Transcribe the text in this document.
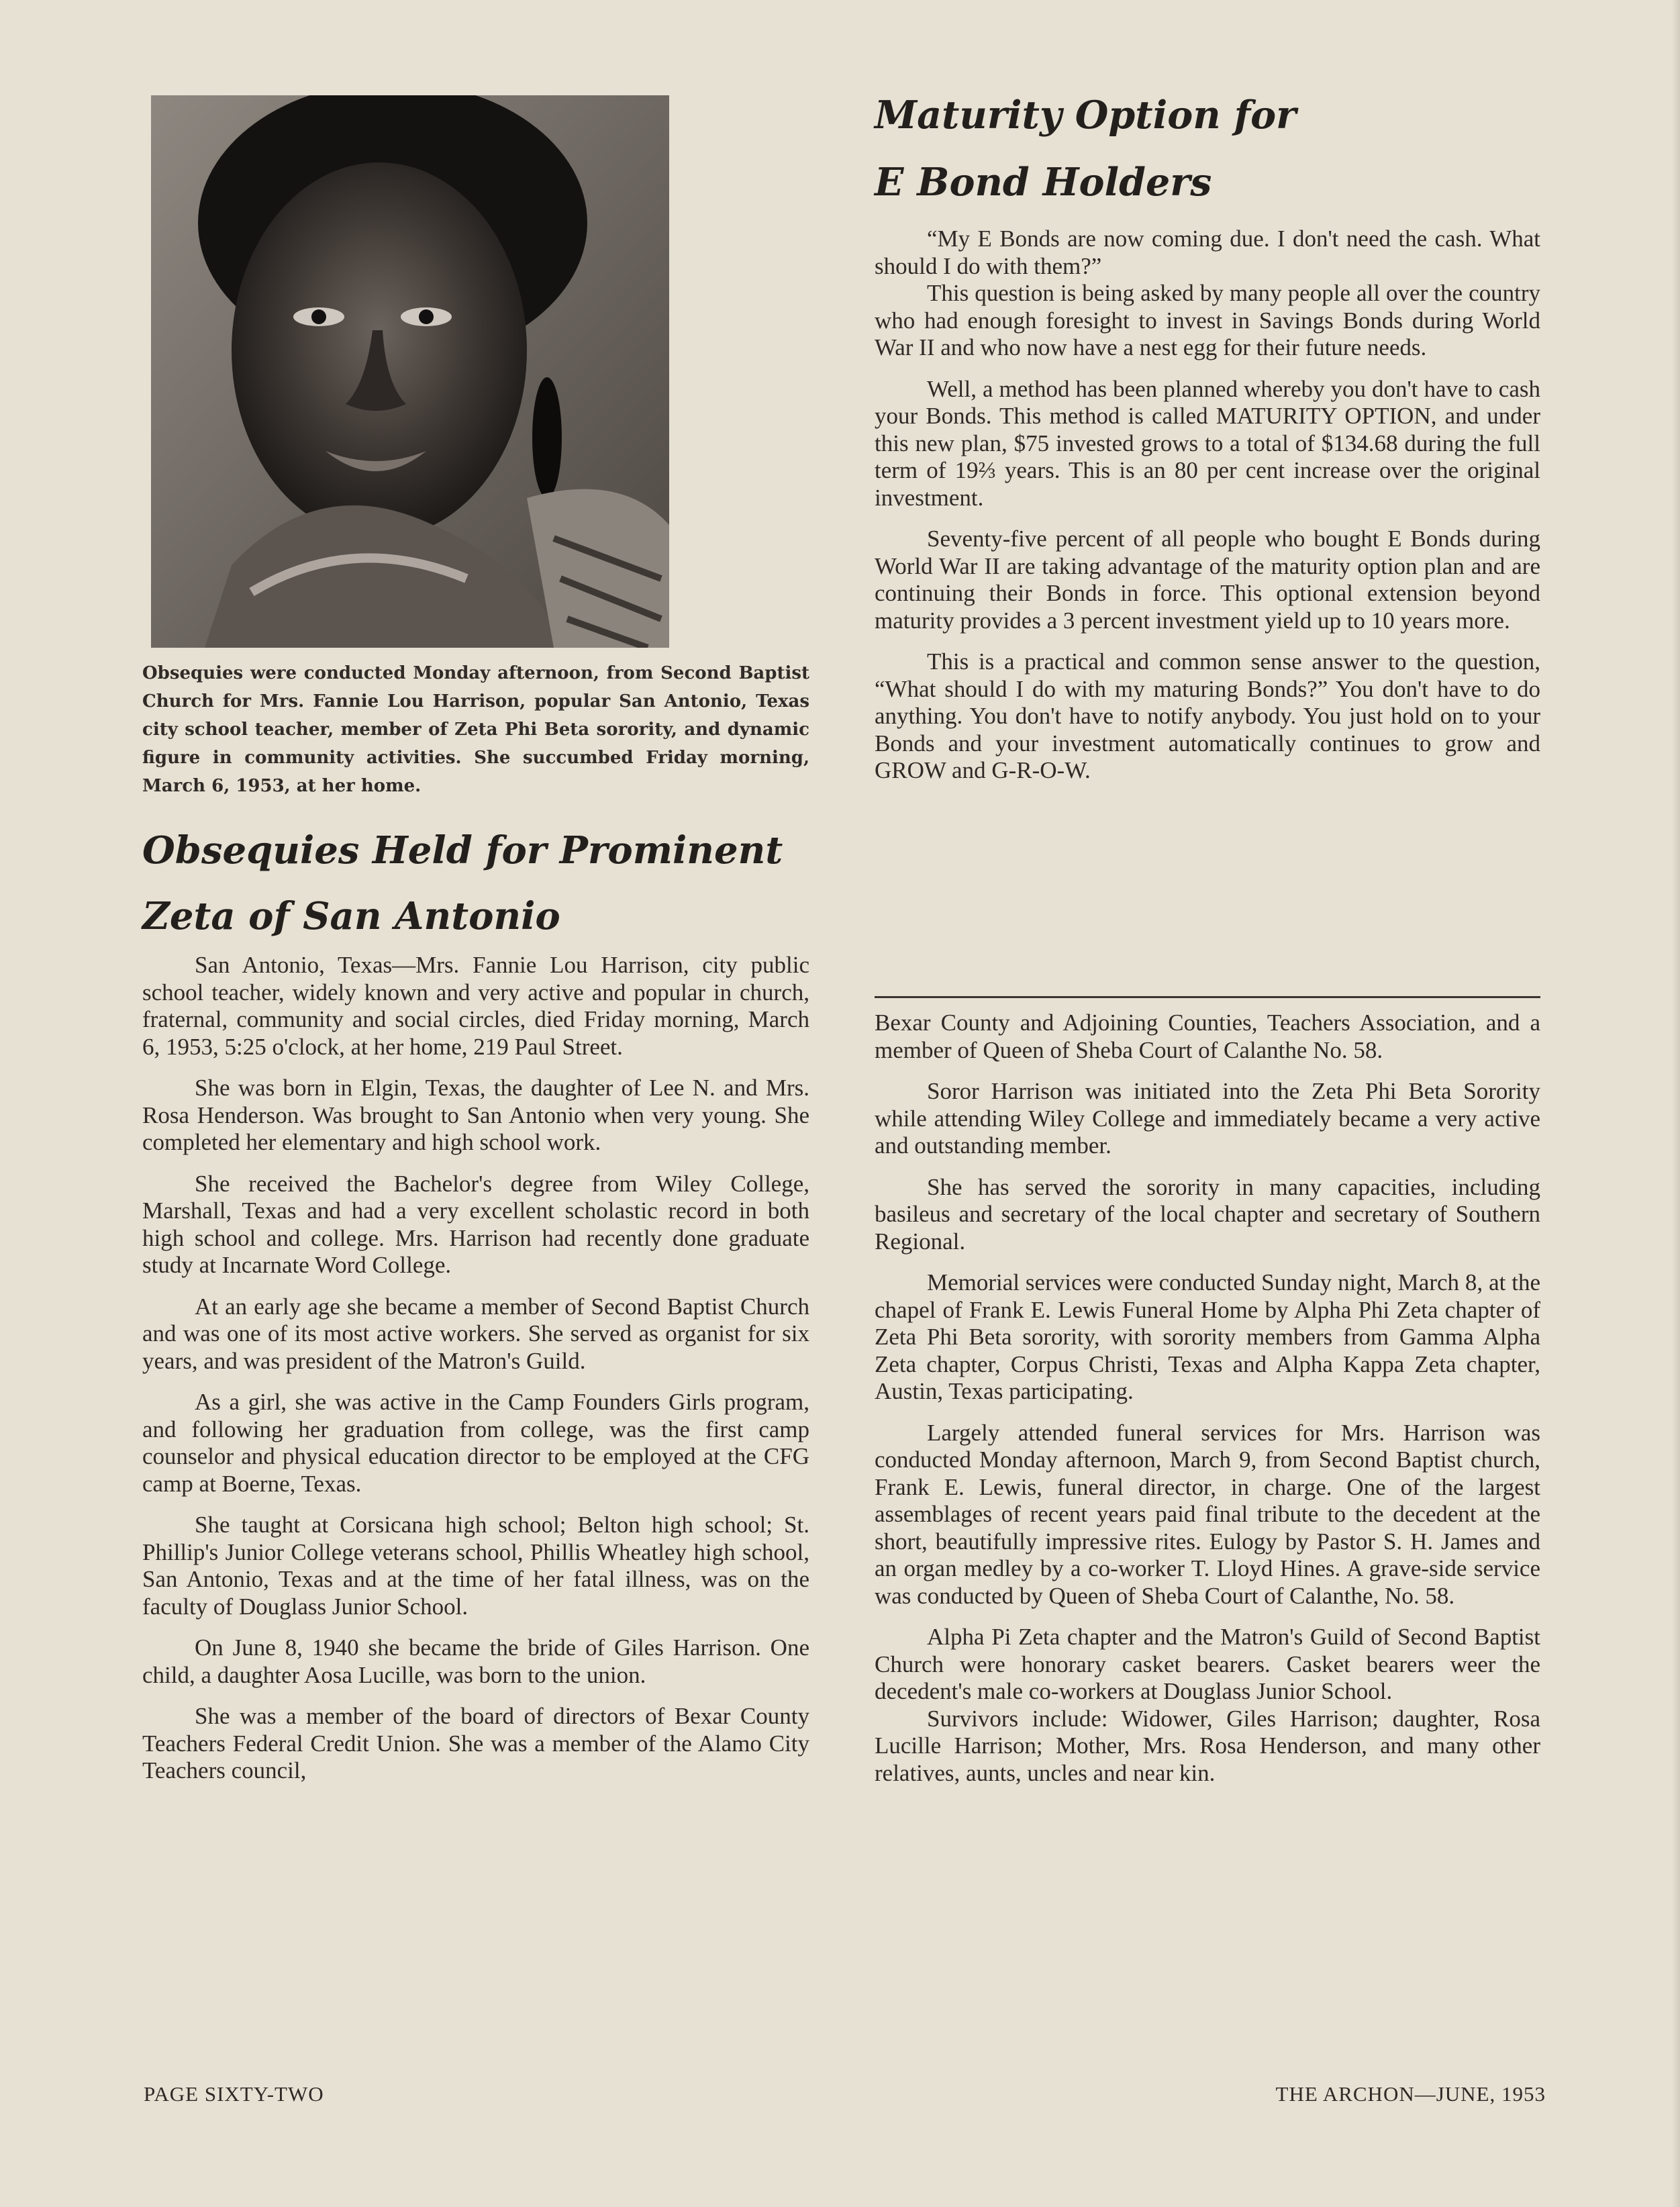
Obsequies were conducted Monday afternoon, from Second Baptist Church for Mrs. Fannie Lou Harrison, popular San Antonio, Texas city school teacher, member of Zeta Phi Beta sorority, and dynamic figure in community activities. She succumbed Friday morning, March 6, 1953, at her home.
Obsequies Held for Prominent
Zeta of San Antonio

San Antonio, Texas—Mrs. Fannie Lou Harrison, city public school teacher, widely known and very active and popular in church, fraternal, community and social circles, died Friday morning, March 6, 1953, 5:25 o'clock, at her home, 219 Paul Street.

She was born in Elgin, Texas, the daughter of Lee N. and Mrs. Rosa Henderson. Was brought to San Antonio when very young. She completed her elementary and high school work.

She received the Bachelor's degree from Wiley College, Marshall, Texas and had a very excellent scholastic record in both high school and college. Mrs. Harrison had recently done graduate study at Incarnate Word College.

At an early age she became a member of Second Baptist Church and was one of its most active workers. She served as organist for six years, and was president of the Matron's Guild.

As a girl, she was active in the Camp Founders Girls program, and following her graduation from college, was the first camp counselor and physical education director to be employed at the CFG camp at Boerne, Texas.

She taught at Corsicana high school; Belton high school; St. Phillip's Junior College veterans school, Phillis Wheatley high school, San Antonio, Texas and at the time of her fatal illness, was on the faculty of Douglass Junior School.

On June 8, 1940 she became the bride of Giles Harrison. One child, a daughter Aosa Lucille, was born to the union.

She was a member of the board of directors of Bexar County Teachers Federal Credit Union. She was a member of the Alamo City Teachers council,

Maturity Option for
E Bond Holders

“My E Bonds are now coming due. I don't need the cash. What should I do with them?”

This question is being asked by many people all over the country who had enough foresight to invest in Savings Bonds during World War II and who now have a nest egg for their future needs.

Well, a method has been planned whereby you don't have to cash your Bonds. This method is called MATURITY OPTION, and under this new plan, $75 invested grows to a total of $134.68 during the full term of 19⅔ years. This is an 80 per cent increase over the original investment.

Seventy-five percent of all people who bought E Bonds during World War II are taking advantage of the maturity option plan and are continuing their Bonds in force. This optional extension beyond maturity provides a 3 percent investment yield up to 10 years more.

This is a practical and common sense answer to the question, “What should I do with my maturing Bonds?” You don't have to do anything. You don't have to notify anybody. You just hold on to your Bonds and your investment automatically continues to grow and GROW and G-R-O-W.

Bexar County and Adjoining Counties, Teachers Association, and a member of Queen of Sheba Court of Calanthe No. 58.

Soror Harrison was initiated into the Zeta Phi Beta Sorority while attending Wiley College and immediately became a very active and outstanding member.

She has served the sorority in many capacities, including basileus and secretary of the local chapter and secretary of Southern Regional.

Memorial services were conducted Sunday night, March 8, at the chapel of Frank E. Lewis Funeral Home by Alpha Phi Zeta chapter of Zeta Phi Beta sorority, with sorority members from Gamma Alpha Zeta chapter, Corpus Christi, Texas and Alpha Kappa Zeta chapter, Austin, Texas participating.

Largely attended funeral services for Mrs. Harrison was conducted Monday afternoon, March 9, from Second Baptist church, Frank E. Lewis, funeral director, in charge. One of the largest assemblages of recent years paid final tribute to the decedent at the short, beautifully impressive rites. Eulogy by Pastor S. H. James and an organ medley by a co-worker T. Lloyd Hines. A grave-side service was conducted by Queen of Sheba Court of Calanthe, No. 58.

Alpha Pi Zeta chapter and the Matron's Guild of Second Baptist Church were honorary casket bearers. Casket bearers weer the decedent's male co-workers at Douglass Junior School.

Survivors include: Widower, Giles Harrison; daughter, Rosa Lucille Harrison; Mother, Mrs. Rosa Henderson, and many other relatives, aunts, uncles and near kin.

PAGE SIXTY-TWO	THE ARCHON—JUNE, 1953
